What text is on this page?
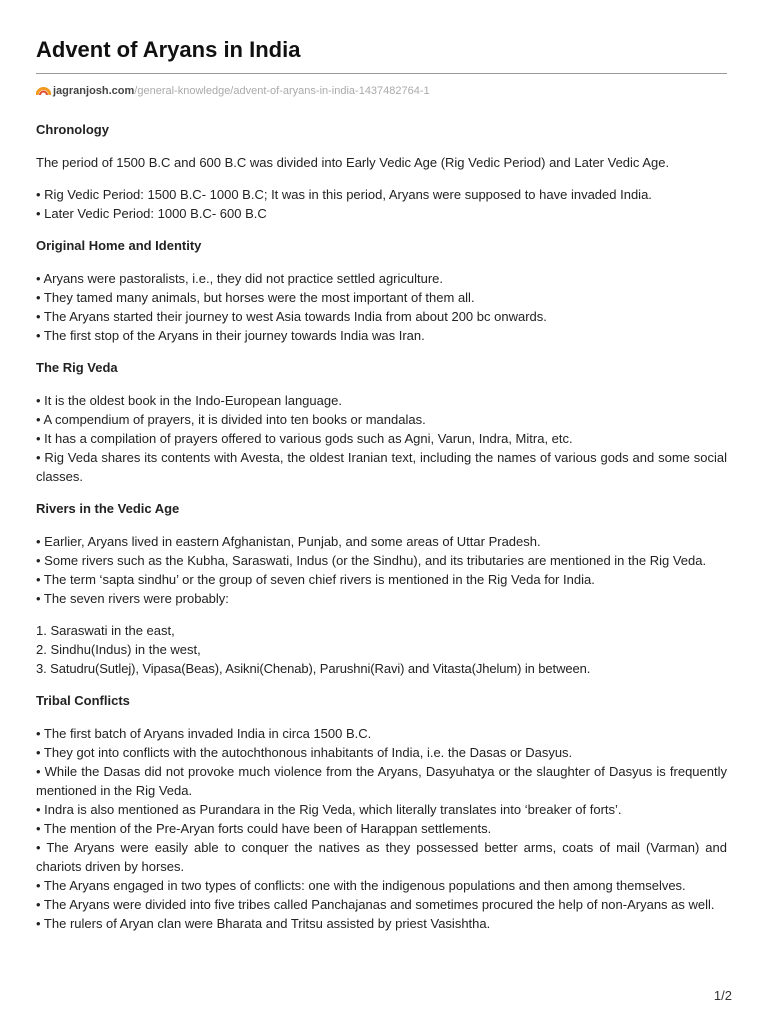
Advent of Aryans in India
jagranjosh.com/general-knowledge/advent-of-aryans-in-india-1437482764-1
Chronology

The period of 1500 B.C and 600 B.C was divided into Early Vedic Age (Rig Vedic Period) and Later Vedic Age.

• Rig Vedic Period: 1500 B.C- 1000 B.C; It was in this period, Aryans were supposed to have invaded India.
• Later Vedic Period: 1000 B.C- 600 B.C
Original Home and Identity
• Aryans were pastoralists, i.e., they did not practice settled agriculture.
• They tamed many animals, but horses were the most important of them all.
• The Aryans started their journey to west Asia towards India from about 200 bc onwards.
• The first stop of the Aryans in their journey towards India was Iran.
The Rig Veda
• It is the oldest book in the Indo-European language.
• A compendium of prayers, it is divided into ten books or mandalas.
• It has a compilation of prayers offered to various gods such as Agni, Varun, Indra, Mitra, etc.
• Rig Veda shares its contents with Avesta, the oldest Iranian text, including the names of various gods and some social classes.
Rivers in the Vedic Age
• Earlier, Aryans lived in eastern Afghanistan, Punjab, and some areas of Uttar Pradesh.
• Some rivers such as the Kubha, Saraswati, Indus (or the Sindhu), and its tributaries are mentioned in the Rig Veda.
• The term ‘sapta sindhu’ or the group of seven chief rivers is mentioned in the Rig Veda for India.
• The seven rivers were probably:
1. Saraswati in the east,
2. Sindhu(Indus) in the west,
3. Satudru(Sutlej), Vipasa(Beas), Asikni(Chenab), Parushni(Ravi) and Vitasta(Jhelum) in between.
Tribal Conflicts
• The first batch of Aryans invaded India in circa 1500 B.C.
• They got into conflicts with the autochthonous inhabitants of India, i.e. the Dasas or Dasyus.
• While the Dasas did not provoke much violence from the Aryans, Dasyuhatya or the slaughter of Dasyus is frequently mentioned in the Rig Veda.
• Indra is also mentioned as Purandara in the Rig Veda, which literally translates into ‘breaker of forts’.
• The mention of the Pre-Aryan forts could have been of Harappan settlements.
• The Aryans were easily able to conquer the natives as they possessed better arms, coats of mail (Varman) and chariots driven by horses.
• The Aryans engaged in two types of conflicts: one with the indigenous populations and then among themselves.
• The Aryans were divided into five tribes called Panchajanas and sometimes procured the help of non-Aryans as well.
• The rulers of Aryan clan were Bharata and Tritsu assisted by priest Vasishtha.
1/2
